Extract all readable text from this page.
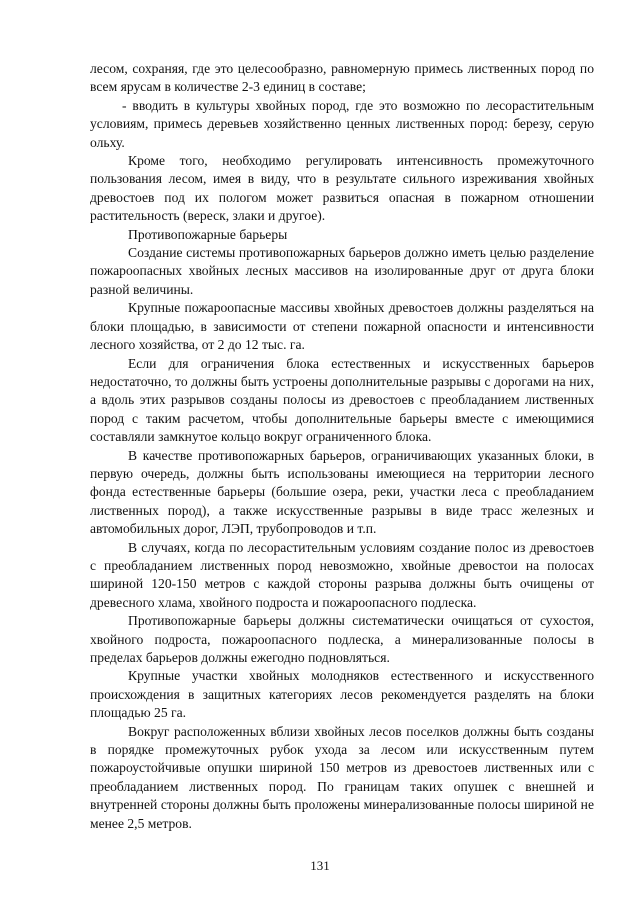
лесом, сохраняя, где это целесообразно, равномерную примесь лиственных пород по всем ярусам в количестве 2-3 единиц в составе;

- вводить в культуры хвойных пород, где это возможно по лесорастительным условиям, примесь деревьев хозяйственно ценных лиственных пород: березу, серую ольху.

Кроме того, необходимо регулировать интенсивность промежуточного пользования лесом, имея в виду, что в результате сильного изреживания хвойных древостоев под их пологом может развиться опасная в пожарном отношении растительность (вереск, злаки и другое).

Противопожарные барьеры

Создание системы противопожарных барьеров должно иметь целью разделение пожароопасных хвойных лесных массивов на изолированные друг от друга блоки разной величины.

Крупные пожароопасные массивы хвойных древостоев должны разделяться на блоки площадью, в зависимости от степени пожарной опасности и интенсивности лесного хозяйства, от 2 до 12 тыс. га.

Если для ограничения блока естественных и искусственных барьеров недостаточно, то должны быть устроены дополнительные разрывы с дорогами на них, а вдоль этих разрывов созданы полосы из древостоев с преобладанием лиственных пород с таким расчетом, чтобы дополнительные барьеры вместе с имеющимися составляли замкнутое кольцо вокруг ограниченного блока.

В качестве противопожарных барьеров, ограничивающих указанных блоки, в первую очередь, должны быть использованы имеющиеся на территории лесного фонда естественные барьеры (большие озера, реки, участки леса с преобладанием лиственных пород), а также искусственные разрывы в виде трасс железных и автомобильных дорог, ЛЭП, трубопроводов и т.п.

В случаях, когда по лесорастительным условиям создание полос из древостоев с преобладанием лиственных пород невозможно, хвойные древостои на полосах шириной 120-150 метров с каждой стороны разрыва должны быть очищены от древесного хлама, хвойного подроста и пожароопасного подлеска.

Противопожарные барьеры должны систематически очищаться от сухостоя, хвойного подроста, пожароопасного подлеска, а минерализованные полосы в пределах барьеров должны ежегодно подновляться.

Крупные участки хвойных молодняков естественного и искусственного происхождения в защитных категориях лесов рекомендуется разделять на блоки площадью 25 га.

Вокруг расположенных вблизи хвойных лесов поселков должны быть созданы в порядке промежуточных рубок ухода за лесом или искусственным путем пожароустойчивые опушки шириной 150 метров из древостоев лиственных или с преобладанием лиственных пород. По границам таких опушек с внешней и внутренней стороны должны быть проложены минерализованные полосы шириной не менее 2,5 метров.

131
